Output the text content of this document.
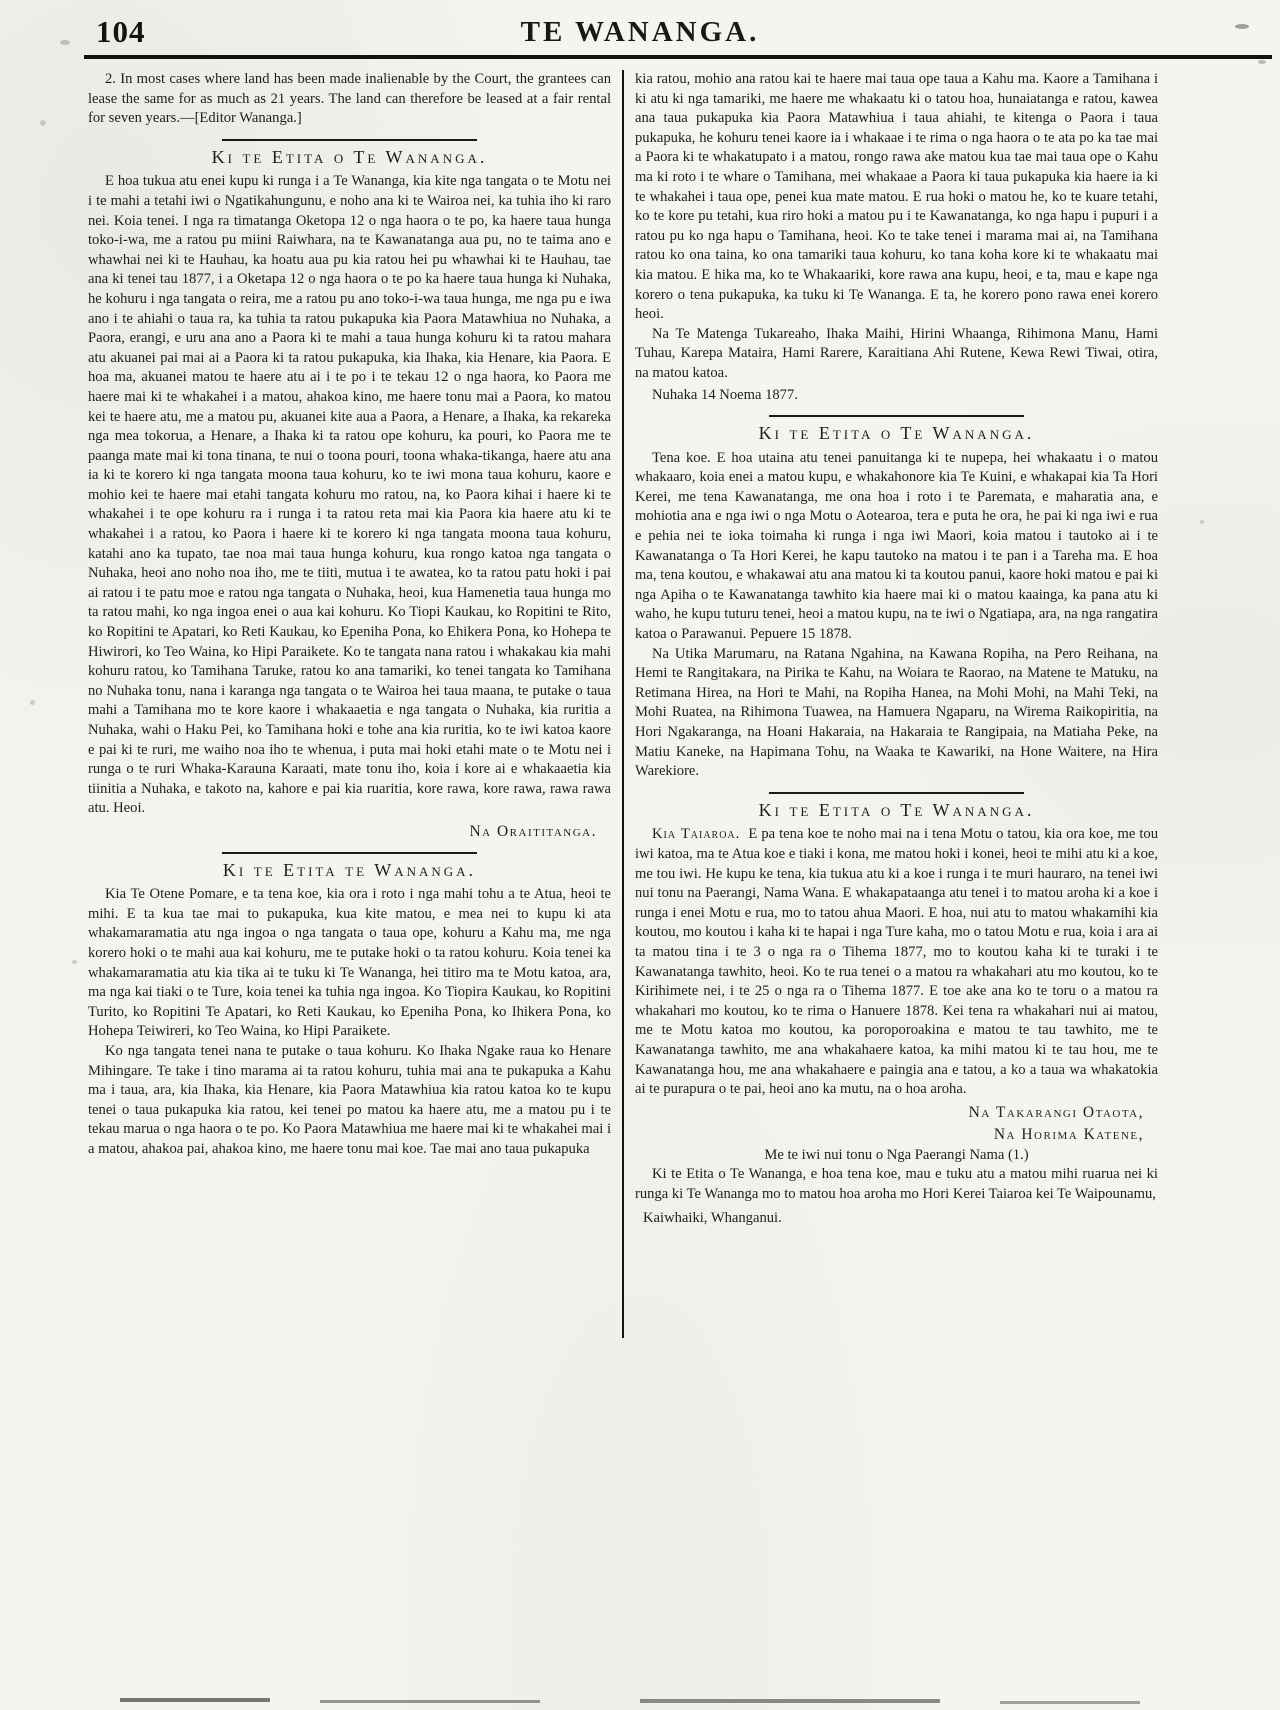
104	TE WANANGA.

2. In most cases where land has been made inalienable by the Court, the grantees can lease the same for as much as 21 years. The land can therefore be leased at a fair rental for seven years.—[Editor Wananga.]

Ki te Etita o Te Wananga.

E hoa tukua atu enei kupu ki runga i a Te Wananga, kia kite nga tangata o te Motu nei i te mahi a tetahi iwi o Ngatikahungunu, e noho ana ki te Wairoa nei, ka tuhia iho ki raro nei. Koia tenei. I nga ra timatanga Oketopa 12 o nga haora o te po, ka haere taua hunga toko-i-wa, me a ratou pu miini Raiwhara, na te Kawanatanga aua pu, no te taima ano e whawhai nei ki te Hauhau, ka hoatu aua pu kia ratou hei pu whawhai ki te Hauhau, tae ana ki tenei tau 1877, i a Oketapa 12 o nga haora o te po ka haere taua hunga ki Nuhaka, he kohuru i nga tangata o reira, me a ratou pu ano toko-i-wa taua hunga, me nga pu e iwa ano i te ahiahi o taua ra, ka tuhia ta ratou pukapuka kia Paora Matawhiua no Nuhaka, a Paora, erangi, e uru ana ano a Paora ki te mahi a taua hunga kohuru ki ta ratou mahara atu akuanei pai mai ai a Paora ki ta ratou pukapuka, kia Ihaka, kia Henare, kia Paora. E hoa ma, akuanei matou te haere atu ai i te po i te tekau 12 o nga haora, ko Paora me haere mai ki te whakahei i a matou, ahakoa kino, me haere tonu mai a Paora, ko matou kei te haere atu, me a matou pu, akuanei kite aua a Paora, a Henare, a Ihaka, ka rekareka nga mea tokorua, a Henare, a Ihaka ki ta ratou ope kohuru, ka pouri, ko Paora me te paanga mate mai ki tona tinana, te nui o toona pouri, toona whaka-tikanga, haere atu ana ia ki te korero ki nga tangata moona taua kohuru, ko te iwi mona taua kohuru, kaore e mohio kei te haere mai etahi tangata kohuru mo ratou, na, ko Paora kihai i haere ki te whakahei i te ope kohuru ra i runga i ta ratou reta mai kia Paora kia haere atu ki te whakahei i a ratou, ko Paora i haere ki te korero ki nga tangata moona taua kohuru, katahi ano ka tupato, tae noa mai taua hunga kohuru, kua rongo katoa nga tangata o Nuhaka, heoi ano noho noa iho, me te tiiti, mutua i te awatea, ko ta ratou patu hoki i pai ai ratou i te patu moe e ratou nga tangata o Nuhaka, heoi, kua Hamenetia taua hunga mo ta ratou mahi, ko nga ingoa enei o aua kai kohuru. Ko Tiopi Kaukau, ko Ropitini te Rito, ko Ropitini te Apatari, ko Reti Kaukau, ko Epeniha Pona, ko Ehikera Pona, ko Hohepa te Hiwirori, ko Teo Waina, ko Hipi Paraikete. Ko te tangata nana ratou i whakakau kia mahi kohuru ratou, ko Tamihana Taruke, ratou ko ana tamariki, ko tenei tangata ko Tamihana no Nuhaka tonu, nana i karanga nga tangata o te Wairoa hei taua maana, te putake o taua mahi a Tamihana mo te kore kaore i whakaaetia e nga tangata o Nuhaka, kia ruritia a Nuhaka, wahi o Haku Pei, ko Tamihana hoki e tohe ana kia ruritia, ko te iwi katoa kaore e pai ki te ruri, me waiho noa iho te whenua, i puta mai hoki etahi mate o te Motu nei i runga o te ruri Whaka-Karauna Karaati, mate tonu iho, koia i kore ai e whakaaetia kia tiinitia a Nuhaka, e takoto na, kahore e pai kia ruaritia, kore rawa, kore rawa, rawa rawa atu. Heoi.

Na Oraititanga.

Ki te Etita te Wananga.

Kia Te Otene Pomare, e ta tena koe, kia ora i roto i nga mahi tohu a te Atua, heoi te mihi. E ta kua tae mai to pukapuka, kua kite matou, e mea nei to kupu ki ata whakamaramatia atu nga ingoa o nga tangata o taua ope, kohuru a Kahu ma, me nga korero hoki o te mahi aua kai kohuru, me te putake hoki o ta ratou kohuru. Koia tenei ka whakamaramatia atu kia tika ai te tuku ki Te Wananga, hei titiro ma te Motu katoa, ara, ma nga kai tiaki o te Ture, koia tenei ka tuhia nga ingoa. Ko Tiopira Kaukau, ko Ropitini Turito, ko Ropitini Te Apatari, ko Reti Kaukau, ko Epeniha Pona, ko Ihikera Pona, ko Hohepa Teiwireri, ko Teo Waina, ko Hipi Paraikete.

Ko nga tangata tenei nana te putake o taua kohuru. Ko Ihaka Ngake raua ko Henare Mihingare. Te take i tino marama ai ta ratou kohuru, tuhia mai ana te pukapuka a Kahu ma i taua, ara, kia Ihaka, kia Henare, kia Paora Matawhiua kia ratou katoa ko te kupu tenei o taua pukapuka kia ratou, kei tenei po matou ka haere atu, me a matou pu i te tekau marua o nga haora o te po. Ko Paora Matawhiua me haere mai ki te whakahei mai i a matou, ahakoa pai, ahakoa kino, me haere tonu mai koe. Tae mai ano taua pukapuka

kia ratou, mohio ana ratou kai te haere mai taua ope taua a Kahu ma. Kaore a Tamihana i ki atu ki nga tamariki, me haere me whakaatu ki o tatou hoa, hunaiatanga e ratou, kawea ana taua pukapuka kia Paora Matawhiua i taua ahiahi, te kitenga o Paora i taua pukapuka, he kohuru tenei kaore ia i whakaae i te rima o nga haora o te ata po ka tae mai a Paora ki te whakatupato i a matou, rongo rawa ake matou kua tae mai taua ope o Kahu ma ki roto i te whare o Tamihana, mei whakaae a Paora ki taua pukapuka kia haere ia ki te whakahei i taua ope, penei kua mate matou. E rua hoki o matou he, ko te kuare tetahi, ko te kore pu tetahi, kua riro hoki a matou pu i te Kawanatanga, ko nga hapu i pupuri i a ratou pu ko nga hapu o Tamihana, heoi. Ko te take tenei i marama mai ai, na Tamihana ratou ko ona taina, ko ona tamariki taua kohuru, ko tana koha kore ki te whakaatu mai kia matou. E hika ma, ko te Whakaariki, kore rawa ana kupu, heoi, e ta, mau e kape nga korero o tena pukapuka, ka tuku ki Te Wananga. E ta, he korero pono rawa enei korero heoi.

Na Te Matenga Tukareaho, Ihaka Maihi, Hirini Whaanga, Rihimona Manu, Hami Tuhau, Karepa Mataira, Hami Rarere, Karaitiana Ahi Rutene, Kewa Rewi Tiwai, otira, na matou katoa.

Nuhaka 14 Noema 1877.

Ki te Etita o Te Wananga.

Tena koe. E hoa utaina atu tenei panuitanga ki te nupepa, hei whakaatu i o matou whakaaro, koia enei a matou kupu, e whakahonore kia Te Kuini, e whakapai kia Ta Hori Kerei, me tena Kawanatanga, me ona hoa i roto i te Paremata, e maharatia ana, e mohiotia ana e nga iwi o nga Motu o Aotearoa, tera e puta he ora, he pai ki nga iwi e rua e pehia nei te ioka toimaha ki runga i nga iwi Maori, koia matou i tautoko ai i te Kawanatanga o Ta Hori Kerei, he kapu tautoko na matou i te pan i a Tareha ma. E hoa ma, tena koutou, e whakawai atu ana matou ki ta koutou panui, kaore hoki matou e pai ki nga Apiha o te Kawanatanga tawhito kia haere mai ki o matou kaainga, ka pana atu ki waho, he kupu tuturu tenei, heoi a matou kupu, na te iwi o Ngatiapa, ara, na nga rangatira katoa o Parawanui. Pepuere 15 1878.

Na Utika Marumaru, na Ratana Ngahina, na Kawana Ropiha, na Pero Reihana, na Hemi te Rangitakara, na Pirika te Kahu, na Woiara te Raorao, na Matene te Matuku, na Retimana Hirea, na Hori te Mahi, na Ropiha Hanea, na Mohi Mohi, na Mahi Teki, na Mohi Ruatea, na Rihimona Tuawea, na Hamuera Ngaparu, na Wirema Raikopiritia, na Hori Ngakaranga, na Hoani Hakaraia, na Hakaraia te Rangipaia, na Matiaha Peke, na Matiu Kaneke, na Hapimana Tohu, na Waaka te Kawariki, na Hone Waitere, na Hira Warekiore.

Ki te Etita o Te Wananga.

Kia Taiaroa. E pa tena koe te noho mai na i tena Motu o tatou, kia ora koe, me tou iwi katoa, ma te Atua koe e tiaki i kona, me matou hoki i konei, heoi te mihi atu ki a koe, me tou iwi. He kupu ke tena, kia tukua atu ki a koe i runga i te muri hauraro, na tenei iwi nui tonu na Paerangi, Nama Wana. E whakapataanga atu tenei i to matou aroha ki a koe i runga i enei Motu e rua, mo to tatou ahua Maori. E hoa, nui atu to matou whakamihi kia koutou, mo koutou i kaha ki te hapai i nga Ture kaha, mo o tatou Motu e rua, koia i ara ai ta matou tina i te 3 o nga ra o Tihema 1877, mo to koutou kaha ki te turaki i te Kawanatanga tawhito, heoi. Ko te rua tenei o a matou ra whakahari atu mo koutou, ko te Kirihimete nei, i te 25 o nga ra o Tihema 1877. E toe ake ana ko te toru o a matou ra whakahari mo koutou, ko te rima o Hanuere 1878. Kei tena ra whakahari nui ai matou, me te Motu katoa mo koutou, ka poroporoakina e matou te tau tawhito, me te Kawanatanga tawhito, me ana whakahaere katoa, ka mihi matou ki te tau hou, me te Kawanatanga hou, me ana whakahaere e paingia ana e tatou, a ko a taua wa whakatokia ai te purapura o te pai, heoi ano ka mutu, na o hoa aroha.

Na Takarangi Otaota,

Na Horima Katene,

Me te iwi nui tonu o Nga Paerangi Nama (1.)

Ki te Etita o Te Wananga, e hoa tena koe, mau e tuku atu a matou mihi ruarua nei ki runga ki Te Wananga mo to matou hoa aroha mo Hori Kerei Taiaroa kei Te Waipounamu,

Kaiwhaiki, Whanganui.
